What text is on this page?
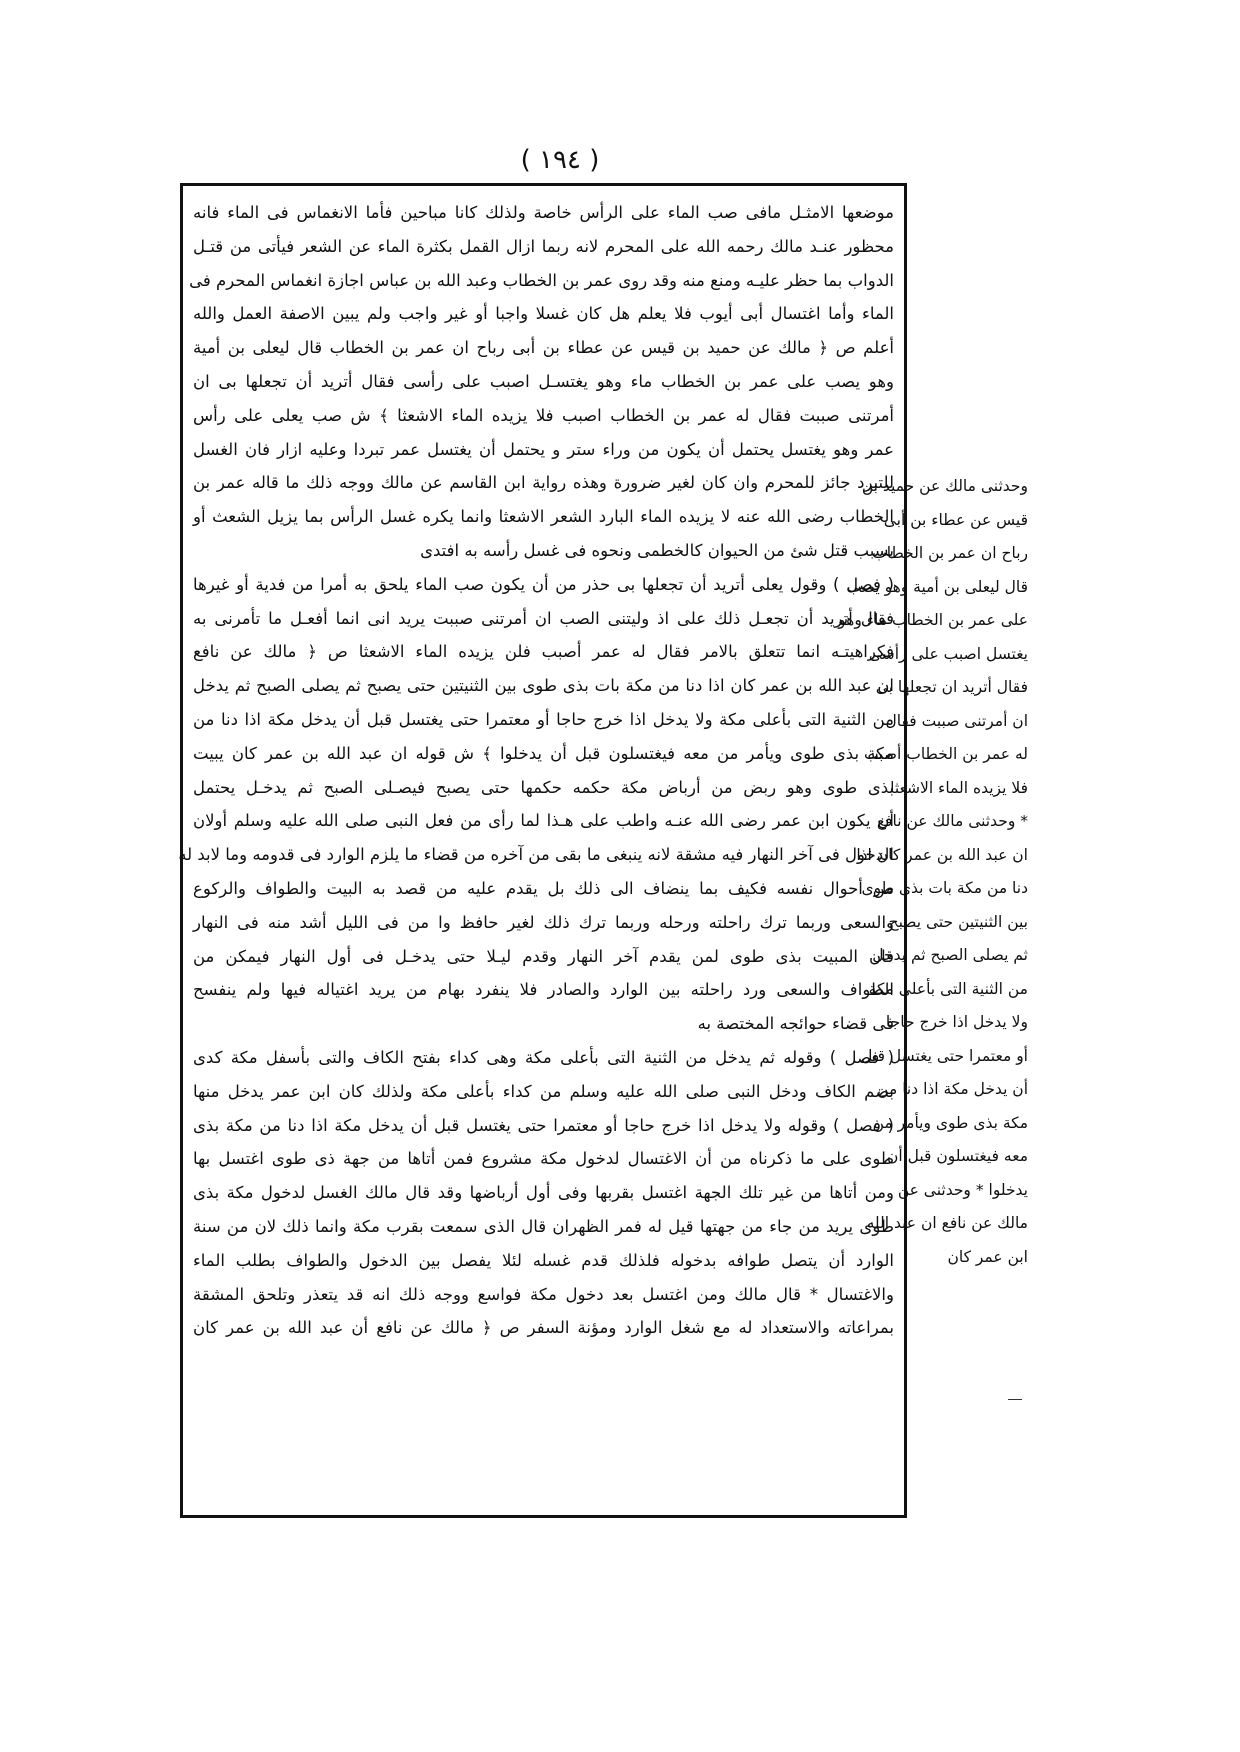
( ١٩٤ )
موضعها الامثـل مافى صب الماء على الرأس خاصة ولذلك كانا مباحين فأما الانغماس فى الماء فانه
محظور عنـد مالك رحمه الله على المحرم لانه ربما ازال القمل بكثرة الماء عن الشعر فيأتى من قتـل
الدواب بما حظر عليـه ومنع منه وقد روى عمر بن الخطاب وعبد الله بن عباس اجازة انغماس المحرم فى
الماء وأما اغتسال أبى أيوب فلا يعلم هل كان غسلا واجبا أو غير واجب ولم يبين الاصفة العمل والله
أعلم ص ﴿ مالك عن حميد بن قيس عن عطاء بن أبى رباح ان عمر بن الخطاب قال ليعلى بن أمية
وهو يصب على عمر بن الخطاب ماء وهو يغتسـل اصبب على رأسى فقال أتريد أن تجعلها بى ان
أمرتنى صببت فقال له عمر بن الخطاب اصبب فلا يزيده الماء الاشعثا ﴾ ش صب يعلى على رأس
عمر وهو يغتسل يحتمل أن يكون من وراء ستر و يحتمل أن يغتسل عمر تبردا وعليه ازار فان الغسل
للتبرد جائز للمحرم وان كان لغير ضرورة وهذه رواية ابن القاسم عن مالك ووجه ذلك ما قاله عمر بن
الخطاب رضى الله عنه لا يزيده الماء البارد الشعر الاشعثا وانما يكره غسل الرأس بما يزيل الشعث أو
بسبب قتل شئ من الحيوان كالخطمى ونحوه فى غسل رأسه به افتدى
( فصل ) وقول يعلى أتريد أن تجعلها بى حذر من أن يكون صب الماء يلحق به أمرا من فدية أو غيرها
فقال أتريد أن تجعـل ذلك على اذ وليتنى الصب ان أمرتنى صببت يريد انى انما أفعـل ما تأمرنى به
فكراهيتـه انما تتعلق بالامر فقال له عمر أصبب فلن يزيده الماء الاشعثا ص ﴿ مالك عن نافع
ان عبد الله بن عمر كان اذا دنا من مكة بات بذى طوى بين الثنيتين حتى يصبح ثم يصلى الصبح ثم يدخل
من الثنية التى بأعلى مكة ولا يدخل اذا خرج حاجا أو معتمرا حتى يغتسل قبل أن يدخل مكة اذا دنا من
مكة بذى طوى ويأمر من معه فيغتسلون قبل أن يدخلوا ﴾ ش قوله ان عبد الله بن عمر كان يبيت
بذى طوى وهو ربض من أرباض مكة حكمه حكمها حتى يصبح فيصـلى الصبح ثم يدخـل يحتمل
أن يكون ابن عمر رضى الله عنـه واطب على هـذا لما رأى من فعل النبى صلى الله عليه وسلم أولان
الدخول فى آخر النهار فيه مشقة لانه ينبغى ما بقى من آخره من قضاء ما يلزم الوارد فى قدومه وما لابد له
من أحوال نفسه فكيف بما ينضاف الى ذلك بل يقدم عليه من قصد به البيت والطواف والركوع
والسعى وربما ترك راحلته ورحله وربما ترك ذلك لغير حافظ وا من فى الليل أشد منه فى النهار
فان المبيت بذى طوى لمن يقدم آخر النهار وقدم ليـلا حتى يدخـل فى أول النهار فيمكن من
الطواف والسعى ورد راحلته بين الوارد والصادر فلا ينفرد بهام من يريد اغتياله فيها ولم ينفسح
فى قضاء حوائجه المختصة به
( فصل ) وقوله ثم يدخل من الثنية التى بأعلى مكة وهى كداء بفتح الكاف والتى بأسفل مكة كدى
بضم الكاف ودخل النبى صلى الله عليه وسلم من كداء بأعلى مكة ولذلك كان ابن عمر يدخل منها
( فصل ) وقوله ولا يدخل اذا خرج حاجا أو معتمرا حتى يغتسل قبل أن يدخل مكة اذا دنا من مكة بذى
طوى على ما ذكرناه من أن الاغتسال لدخول مكة مشروع فمن أتاها من جهة ذى طوى اغتسل بها
ومن أتاها من غير تلك الجهة اغتسل بقربها وفى أول أرباضها وقد قال مالك الغسل لدخول مكة بذى
طوى يريد من جاء من جهتها قيل له فمر الظهران قال الذى سمعت بقرب مكة وانما ذلك لان من سنة
الوارد أن يتصل طوافه بدخوله فلذلك قدم غسله لئلا يفصل بين الدخول والطواف بطلب الماء
والاغتسال * قال مالك ومن اغتسل بعد دخول مكة فواسع ووجه ذلك انه قد يتعذر وتلحق المشقة
بمراعاته والاستعداد له مع شغل الوارد ومؤنة السفر ص ﴿ مالك عن نافع أن عبد الله بن عمر كان
وحدثنى مالك عن حميد بن
قيس عن عطاء بن أبى
رباح ان عمر بن الخطاب
قال ليعلى بن أمية وهو يصب
على عمر بن الخطاب ماء وهو
يغتسل اصبب على رأسى
فقال أتريد ان تجعلها بى
ان أمرتنى صببت فقال
له عمر بن الخطاب أصبب
فلا يزيده الماء الاشعثا
* وحدثنى مالك عن نافع
ان عبد الله بن عمر كان اذا
دنا من مكة بات بذى طوى
بين الثنيتين حتى يصبح
ثم يصلى الصبح ثم يدخل
من الثنية التى بأعلى مكة
ولا يدخل اذا خرج حاجا
أو معتمرا حتى يغتسل قبل
أن يدخل مكة اذا دنا من
مكة بذى طوى ويأمر من
معه فيغتسلون قبل أن
يدخلوا * وحدثنى عن
مالك عن نافع ان عبد الله
ابن عمر كان
